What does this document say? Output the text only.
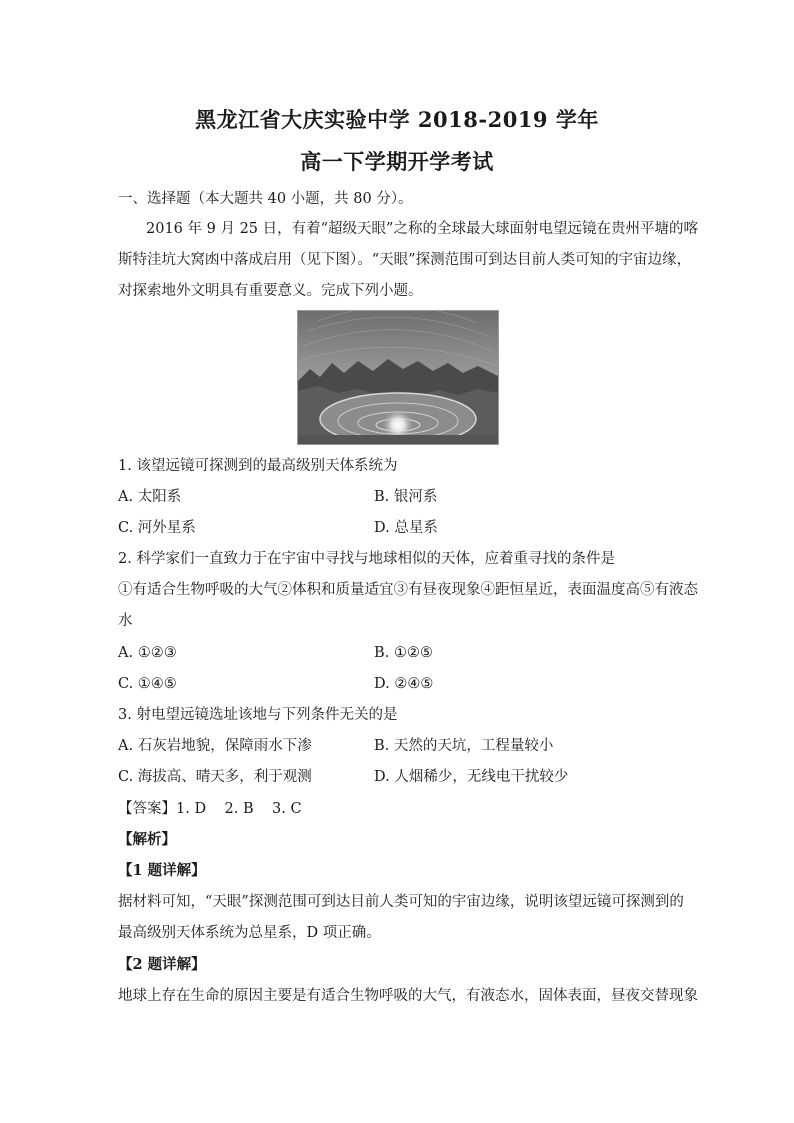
黑龙江省大庆实验中学 2018-2019 学年
高一下学期开学考试
一、选择题（本大题共 40 小题，共 80 分）。
2016 年 9 月 25 日，有着“超级天眼”之称的全球最大球面射电望远镜在贵州平塘的喀
斯特洼坑大窝凼中落成启用（见下图）。“天眼”探测范围可到达目前人类可知的宇宙边缘，
对探索地外文明具有重要意义。完成下列小题。
1. 该望远镜可探测到的最高级别天体系统为
A. 太阳系	B. 银河系
C. 河外星系	D. 总星系
2. 科学家们一直致力于在宇宙中寻找与地球相似的天体，应着重寻找的条件是
①有适合生物呼吸的大气②体积和质量适宜③有昼夜现象④距恒星近，表面温度高⑤有液态
水
A. ①②③	B. ①②⑤
C. ①④⑤	D. ②④⑤
3. 射电望远镜选址该地与下列条件无关的是
A. 石灰岩地貌，保障雨水下渗	B. 天然的天坑，工程量较小
C. 海拔高、晴天多，利于观测	D. 人烟稀少，无线电干扰较少
【答案】1. D    2. B    3. C
【解析】
【1 题详解】
据材料可知，“天眼”探测范围可到达目前人类可知的宇宙边缘，说明该望远镜可探测到的
最高级别天体系统为总星系，D 项正确。
【2 题详解】
地球上存在生命的原因主要是有适合生物呼吸的大气，有液态水，固体表面，昼夜交替现象
